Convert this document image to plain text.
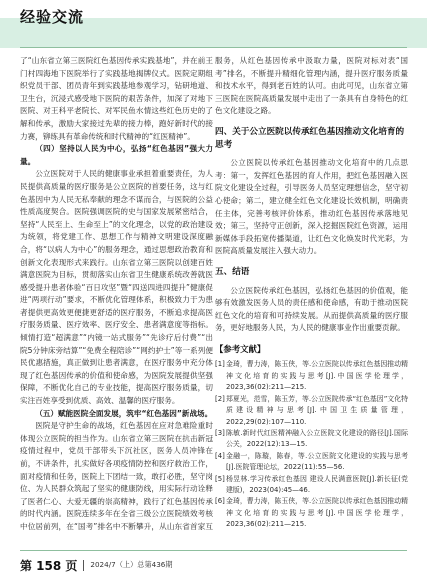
经验交流

了“山东省立第三医院红色基因传承实践基地”，并在前王门村四海地下医院举行了实践基地揭牌仪式。医院定期组织党员干部、团员青年到实践基地参观学习，钻研地道、卫生台，沉浸式感受地下医院的艰苦条件，加深了对地下医院、对王科平老院长、对军民鱼水情这些红色历史的了解和传承，激励大家接过先辈的接力棒，跑好新时代的接力赛，铆练具有革命传统和时代精神的“红医精神”。

（四）坚持以人民为中心，弘扬“红色基因”强大力量。

公立医院对于人民的健康事业承担着重要责任，为人民提供高质量的医疗服务是公立医院的首要任务，这与红色基因中为人民无私奉献的理念不谋而合，与医院的公益性质高度契合。医院强调医院的史与国家发展紧密结合，坚持“人民至上、生命至上”的文化理念，以党的政治建设为统领，将党建工作、思想工作与精神文明建设深度融合，将“以病人为中心”的服务理念，通过思想政治教育和创新文化表现形式来践行。山东省立第三医院以创建百姓满意医院为目标，贯彻落实山东省卫生健康系统改善就医感受提升患者体验“百日攻坚”暨“四送四进四提升”健康促进“两项行动”要求，不断优化管理体系，积极致力于为患者提供更高效更便捷更舒适的医疗服务，不断追求提高医疗服务质量、医疗效率、医疗安全、患者满意度等指标。倾情打造“超满意”“内镜一站式服务”“先诊疗后付费”“出院5分钟床旁结算”“免费全程陪诊”“网约护士”等一系列便民优惠措施，真正做到让患者满意，在医疗服务中充分体现了红色基因传承的价值和使命感，为医院发展提供坚强保障，不断优化自己的专业技能，提高医疗服务质量，切实注百姓享受到优质、高效、温馨的医疗服务。

（五）赋能医院全面发展，筑牢“红色基因”新战场。

医院是守护生命的战场，红色基因在应对急难险重时体现公立医院的担当作为。山东省立第三医院在抗击新冠疫情过程中，党员干部带头下沉社区，医务人员冲锋在前，不讲条件，扎实做好各项疫情防控和医疗救治工作，面对疫情和任务，医院上下团结一致，敢打必胜，坚守岗位、为人民群众筑起了坚实的健康防线，用实际行动诠释了医者仁心、大爱无疆的崇高精神，践行了红色基因传承的时代内涵。医院连续多年在全省三级公立医院绩效考核中位居前列，在“国考”排名中不断攀升，从山东省首家互

服务，从红色基因传承中汲取力量，医院对标对表“国考”排名，不断提升精细化管理内涵，提升医疗服务质量和技术水平，得到老百姓的认可。由此可见，山东省立第三医院在医院高质量发展中走出了一条具有自身特色的红色文化建设之路。

四、关于公立医院以传承红色基因推动文化培育的思考

公立医院以传承红色基因推动文化培育中的几点思考：第一，发挥红色基因的育人作用，把红色基因融入医院文化建设全过程，引导医务人员坚定理想信念，坚守初心使命；第二，建立健全红色文化建设长效机制，明确责任主体，完善考核评价体系，推动红色基因传承落地见效；第三，坚持守正创新，深入挖掘医院红色资源，运用新媒体手段拓宽传播渠道，让红色文化焕发时代光彩，为医院高质量发展注入强大动力。

五、结语

公立医院传承红色基因，弘扬红色基因的价值观，能够有效激发医务人员的责任感和使命感，有助于推动医院红色文化的培育和可持续发展。从而提供高质量的医疗服务，更好地服务人民，为人民的健康事业作出重要贡献。

【参考文献】

[1] 金琦，曹力涛，陈玉侠，等.公立医院以传承红色基因推动精神文化培育的实践与思考[J].中国医学伦理学，2023,36(02):211—215.

[2] 郑夏光，范雪，陈玉芳，等.公立医院传承“红色基因”文化特质建设精神与思考[J].中国卫生质量管理，2022,29(02):107—110.

[3] 陈敏.新时代红医精神融入公立医院文化建设的路径[J].国际公关，2022(12):13—15.

[4] 金融一，陈璇，陈春，等.公立医院文化建设的实践与思考[J].医院管理论坛，2022(11):55—56.

[5] 杨昱林.学习传承红色基因 建设人民满意医院[J].新长征(党建版)，2023(04):45—46.

[6] 金琦，曹力涛，陈玉侠，等.公立医院以传承红色基因推动精神文化培育的实践与思考[J].中国医学伦理学，2023,36(02):211—215.

第 158 页 2024/7（上）总第436期
